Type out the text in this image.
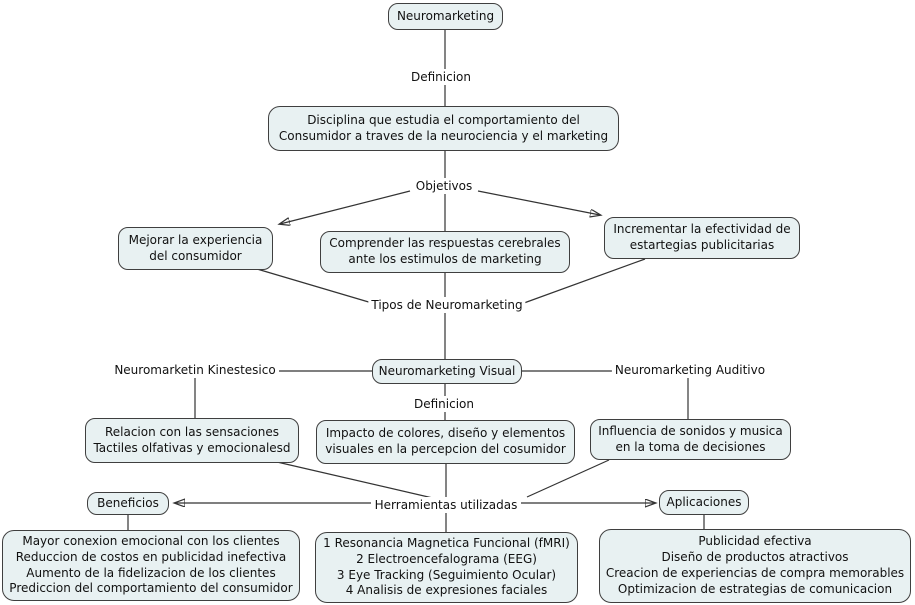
Definicion
Objetivos
Tipos de Neuromarketing
Neuromarketin Kinestesico	Neuromarketing Auditivo
Definicion
Herramientas utilizadas
Neuromarketing
Disciplina que estudia el comportamiento del
Consumidor a traves de la neurociencia y el marketing
Mejorar la experiencia
del consumidor
Comprender las respuestas cerebrales
ante los estimulos de marketing
Incrementar la efectividad de
estartegias publicitarias
Neuromarketing Visual
Relacion con las sensaciones
Tactiles olfativas y emocionalesd
Impacto de colores, diseño y elementos
visuales en la percepcion del cosumidor
Influencia de sonidos y musica
en la toma de decisiones
Beneficios	Aplicaciones
Mayor conexion emocional con los clientes
Reduccion de costos en publicidad inefectiva
Aumento de la fidelizacion de los clientes
Prediccion del comportamiento del consumidor
1 Resonancia Magnetica Funcional (fMRI)
2 Electroencefalograma (EEG)
3 Eye Tracking (Seguimiento Ocular)
4 Analisis de expresiones faciales
Publicidad efectiva
Diseño de productos atractivos
Creacion de experiencias de compra memorables
Optimizacion de estrategias de comunicacion
